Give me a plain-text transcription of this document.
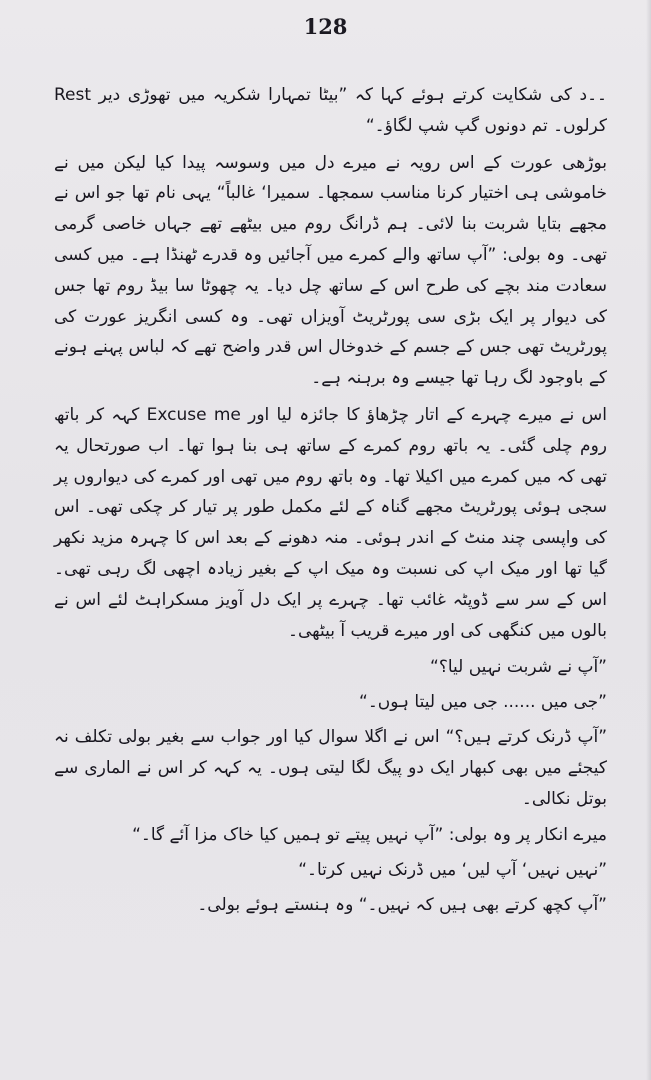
128

۔۔د کی شکایت کرتے ہوئے کہا کہ ”بیٹا تمہارا شکریہ میں تھوڑی دیر Rest کرلوں۔ تم دونوں گپ شپ لگاؤ۔“

بوڑھی عورت کے اس رویہ نے میرے دل میں وسوسہ پیدا کیا لیکن میں نے خاموشی ہی اختیار کرنا مناسب سمجھا۔ سمیرا‘ غالباً“ یہی نام تھا جو اس نے مجھے بتایا شربت بنا لائی۔ ہم ڈرانگ روم میں بیٹھے تھے جہاں خاصی گرمی تھی۔ وہ بولی: ”آپ ساتھ والے کمرے میں آجائیں وہ قدرے ٹھنڈا ہے۔ میں کسی سعادت مند بچے کی طرح اس کے ساتھ چل دیا۔ یہ چھوٹا سا بیڈ روم تھا جس کی دیوار پر ایک بڑی سی پورٹریٹ آویزاں تھی۔ وہ کسی انگریز عورت کی پورٹریٹ تھی جس کے جسم کے خدوخال اس قدر واضح تھے کہ لباس پہنے ہونے کے باوجود لگ رہا تھا جیسے وہ برہنہ ہے۔

اس نے میرے چہرے کے اتار چڑھاؤ کا جائزہ لیا اور Excuse me کہہ کر باتھ روم چلی گئی۔ یہ باتھ روم کمرے کے ساتھ ہی بنا ہوا تھا۔ اب صورتحال یہ تھی کہ میں کمرے میں اکیلا تھا۔ وہ باتھ روم میں تھی اور کمرے کی دیواروں پر سجی ہوئی پورٹریٹ مجھے گناہ کے لئے مکمل طور پر تیار کر چکی تھی۔ اس کی واپسی چند منٹ کے اندر ہوئی۔ منہ دھونے کے بعد اس کا چہرہ مزید نکھر گیا تھا اور میک اپ کی نسبت وہ میک اپ کے بغیر زیادہ اچھی لگ رہی تھی۔ اس کے سر سے ڈوپٹہ غائب تھا۔ چہرے پر ایک دل آویز مسکراہٹ لئے اس نے بالوں میں کنگھی کی اور میرے قریب آ بیٹھی۔

”آپ نے شربت نہیں لیا؟“

”جی میں ...... جی میں لیتا ہوں۔“

”آپ ڈرنک کرتے ہیں؟“ اس نے اگلا سوال کیا اور جواب سے بغیر بولی تکلف نہ کیجئے میں بھی کبھار ایک دو پیگ لگا لیتی ہوں۔ یہ کہہ کر اس نے الماری سے بوتل نکالی۔

میرے انکار پر وہ بولی: ”آپ نہیں پیتے تو ہمیں کیا خاک مزا آئے گا۔“

”نہیں نہیں‘ آپ لیں‘ میں ڈرنک نہیں کرتا۔“

”آپ کچھ کرتے بھی ہیں کہ نہیں۔“ وہ ہنستے ہوئے بولی۔
